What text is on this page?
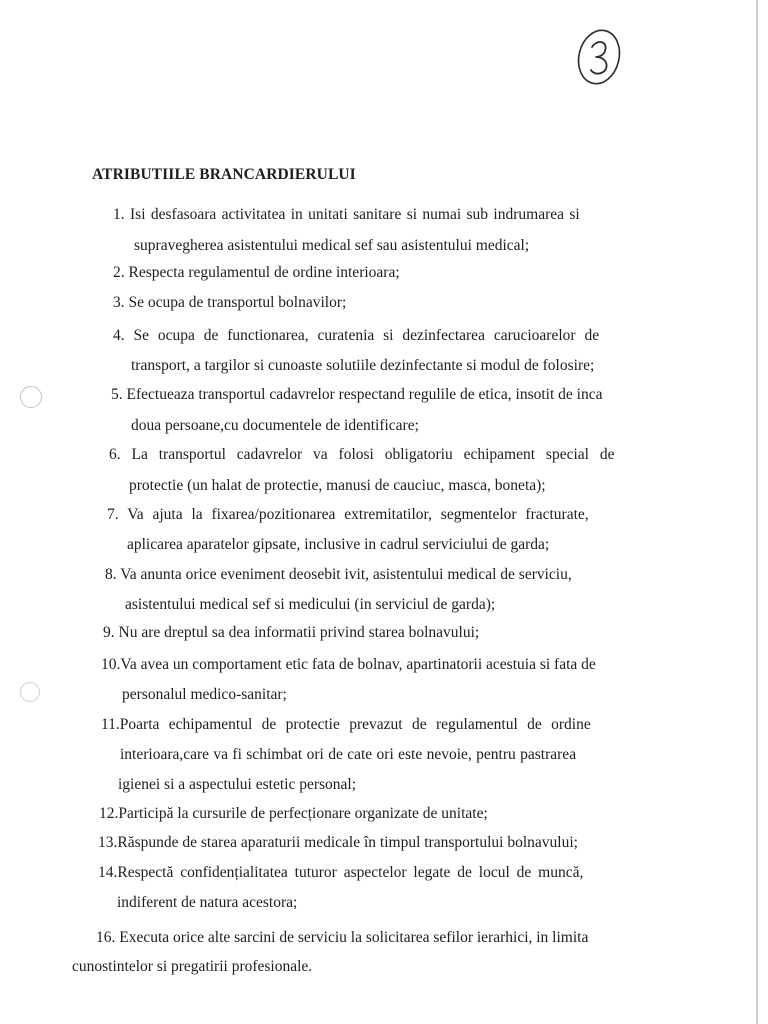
ATRIBUTIILE BRANCARDIERULUI
1. Isi desfasoara activitatea in unitati sanitare si numai sub indrumarea si
supravegherea asistentului medical sef sau asistentului medical;
2. Respecta regulamentul de ordine interioara;
3. Se ocupa de transportul bolnavilor;
4. Se ocupa de functionarea, curatenia si dezinfectarea carucioarelor de
transport, a targilor si cunoaste solutiile dezinfectante si modul de folosire;
5. Efectueaza transportul cadavrelor respectand regulile de etica, insotit de inca
doua persoane,cu documentele de identificare;
6. La transportul cadavrelor va folosi obligatoriu echipament special de
protectie (un halat de protectie, manusi de cauciuc, masca, boneta);
7. Va ajuta la fixarea/pozitionarea extremitatilor, segmentelor fracturate,
aplicarea aparatelor gipsate, inclusive in cadrul serviciului de garda;
8. Va anunta orice eveniment deosebit ivit, asistentului medical de serviciu,
asistentului medical sef si medicului (in serviciul de garda);
9. Nu are dreptul sa dea informatii privind starea bolnavului;
10.Va avea un comportament etic fata de bolnav, apartinatorii acestuia si fata de
personalul medico-sanitar;
11.Poarta echipamentul de protectie prevazut de regulamentul de ordine
interioara,care va fi schimbat ori de cate ori este nevoie, pentru pastrarea
igienei si a aspectului estetic personal;
12.Participă la cursurile de perfecționare organizate de unitate;
13.Răspunde de starea aparaturii medicale în timpul transportului bolnavului;
14.Respectă confidențialitatea tuturor aspectelor legate de locul de muncă,
indiferent de natura acestora;
16. Executa orice alte sarcini de serviciu la solicitarea sefilor ierarhici, in limita
cunostintelor si pregatirii profesionale.
